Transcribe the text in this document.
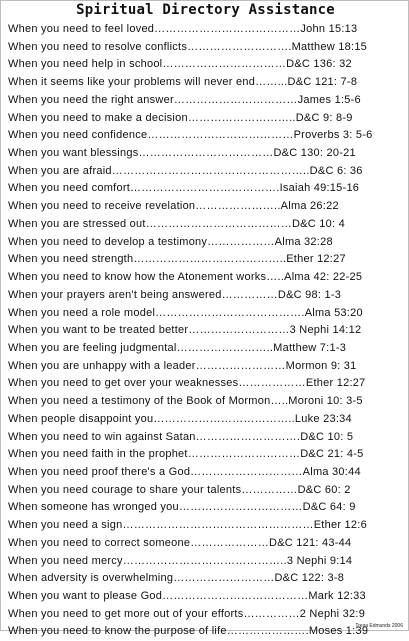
Spiritual Directory Assistance
When you need to feel loved…………………………………John 15:13
When you need to resolve conflicts……………………….Matthew 18:15
When you need help in school……………………………D&C 136: 32
When it seems like your problems will never end……...D&C 121: 7-8
When you need the right answer……………………………James 1:5-6
When you need to make a decision………………………..D&C 9: 8-9
When you need confidence…………………………………Proverbs 3: 5-6
When you want blessings………………………………D&C 130: 20-21
When you are afraid……………………………………………..D&C 6: 36
When you need comfort………………………………….Isaiah 49:15-16
When you need to receive revelation…………………..Alma 26:22
When you are stressed out…………………………………D&C 10: 4
When you need to develop a testimony………………Alma 32:28
When you need strength…………………………………..Ether 12:27
When you need to know how the Atonement works…..Alma 42: 22-25
When your prayers aren't being answered……………D&C 98: 1-3
When you need a role model………………………………….Alma 53:20
When you want to be treated better………………………3 Nephi 14:12
When you are feeling judgmental……………………..Matthew 7:1-3
When you are unhappy with a leader……………………Mormon 9: 31
When you need to get over your weaknesses………………Ether 12:27
When you need a testimony of the Book of Mormon…..Moroni 10: 3-5
When people disappoint you………………………………..Luke 23:34
When you need to win against Satan……………………….D&C 10: 5
When you need faith in the prophet…………………………D&C 21: 4-5
When you need proof there's a God…………………………Alma 30:44
When you need courage to share your talents……………D&C 60: 2
When someone has wronged you……………………………D&C 64: 9
When you need a sign……………………………………………Ether 12:6
When you need to correct someone…………………D&C 121: 43-44
When you need mercy……………………………………..3 Nephi 9:14
When adversity is overwhelming………………………D&C 122: 3-8
When you want to please God…………………………………Mark 12:33
When you need to get more out of your efforts……………2 Nephi 32:9
When you need to know the purpose of life………………….Moses 1:39
Tresa Edmunds 2006
